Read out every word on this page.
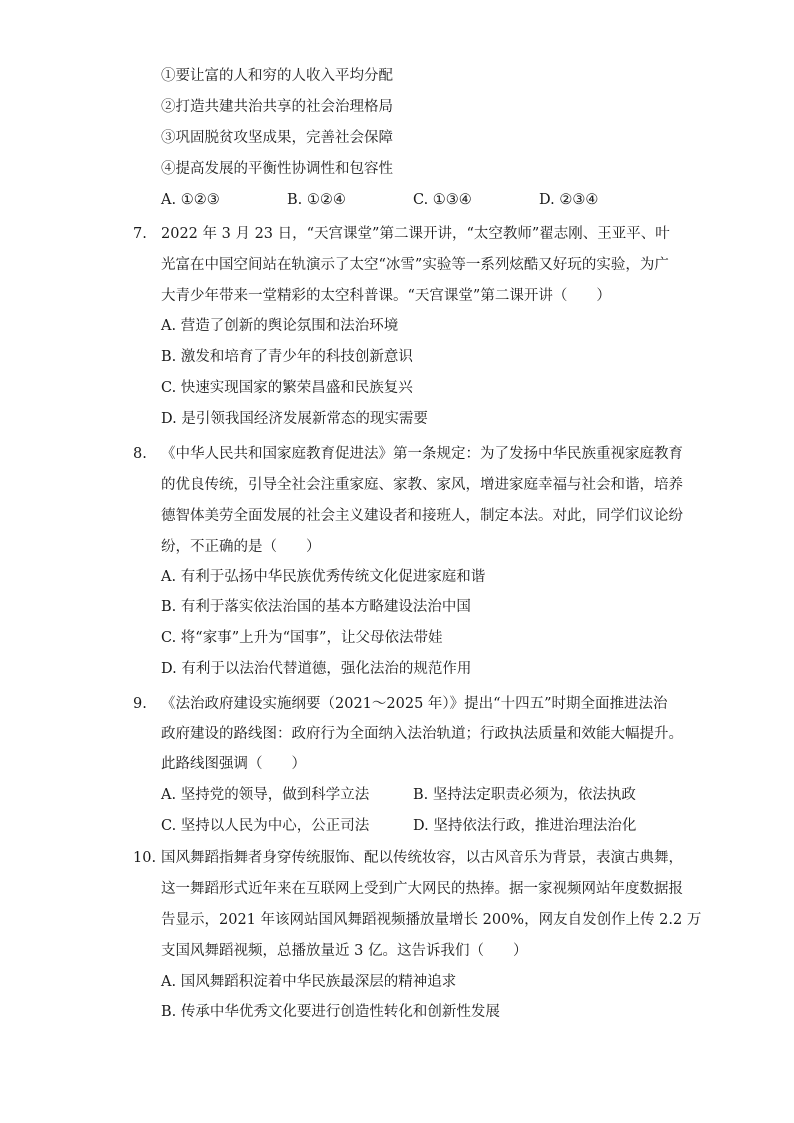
①要让富的人和穷的人收入平均分配
②打造共建共治共享的社会治理格局
③巩固脱贫攻坚成果，完善社会保障
④提高发展的平衡性协调性和包容性
A. ①②③	B. ①②④	C. ①③④	D. ②③④
7. 2022 年 3 月 23 日，“天宫课堂”第二课开讲，“太空教师”翟志刚、王亚平、叶
光富在中国空间站在轨演示了太空“冰雪”实验等一系列炫酷又好玩的实验，为广
大青少年带来一堂精彩的太空科普课。“天宫课堂”第二课开讲（　　）
A. 营造了创新的舆论氛围和法治环境
B. 激发和培育了青少年的科技创新意识
C. 快速实现国家的繁荣昌盛和民族复兴
D. 是引领我国经济发展新常态的现实需要
8. 《中华人民共和国家庭教育促进法》第一条规定：为了发扬中华民族重视家庭教育
的优良传统，引导全社会注重家庭、家教、家风，增进家庭幸福与社会和谐，培养
德智体美劳全面发展的社会主义建设者和接班人，制定本法。对此，同学们议论纷
纷，不正确的是（　　）
A. 有利于弘扬中华民族优秀传统文化促进家庭和谐
B. 有利于落实依法治国的基本方略建设法治中国
C. 将“家事”上升为“国事”，让父母依法带娃
D. 有利于以法治代替道德，强化法治的规范作用
9. 《法治政府建设实施纲要（2021～2025 年）》提出“十四五”时期全面推进法治
政府建设的路线图：政府行为全面纳入法治轨道；行政执法质量和效能大幅提升。
此路线图强调（　　）
A. 坚持党的领导，做到科学立法	B. 坚持法定职责必须为，依法执政
C. 坚持以人民为中心，公正司法	D. 坚持依法行政，推进治理法治化
10. 国风舞蹈指舞者身穿传统服饰、配以传统妆容，以古风音乐为背景，表演古典舞，
这一舞蹈形式近年来在互联网上受到广大网民的热捧。据一家视频网站年度数据报
告显示，2021 年该网站国风舞蹈视频播放量增长 200%，网友自发创作上传 2.2 万
支国风舞蹈视频，总播放量近 3 亿。这告诉我们（　　）
A. 国风舞蹈积淀着中华民族最深层的精神追求
B. 传承中华优秀文化要进行创造性转化和创新性发展
